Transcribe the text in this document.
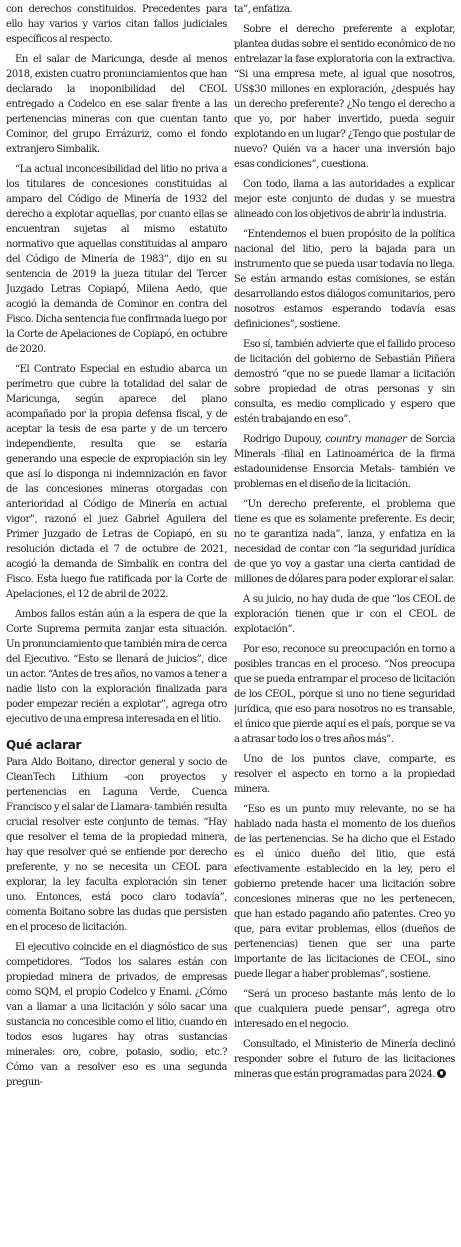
con derechos constituidos. Precedentes para ello hay varios y varios citan fallos judiciales específicos al respecto.

En el salar de Maricunga, desde al menos 2018, existen cuatro pronunciamientos que han declarado la inoponibilidad del CEOL entregado a Codelco en ese salar frente a las pertenencias mineras con que cuentan tanto Cominor, del grupo Errázuriz, como el fondo extranjero Simbalik.

“La actual inconcesibilidad del litio no priva a los titulares de concesiones constituidas al amparo del Código de Minería de 1932 del derecho a explotar aquellas, por cuanto ellas se encuentran sujetas al mismo estatuto normativo que aquellas constituidas al amparo del Código de Minería de 1983”, dijo en su sentencia de 2019 la jueza titular del Tercer Juzgado Letras Copiapó, Milena Aedo, que acogió la demanda de Cominor en contra del Fisco. Dicha sentencia fue confirmada luego por la Corte de Apelaciones de Copiapó, en octubre de 2020.

“El Contrato Especial en estudio abarca un perímetro que cubre la totalidad del salar de Maricunga, según aparece del plano acompañado por la propia defensa fiscal, y de aceptar la tesis de esa parte y de un tercero independiente, resulta que se estaría generando una especie de expropiación sin ley que así lo disponga ni indemnización en favor de las concesiones mineras otorgadas con anterioridad al Código de Minería en actual vigor”, razonó el juez Gabriel Aguilera del Primer Juzgado de Letras de Copiapó, en su resolución dictada el 7 de octubre de 2021, acogió la demanda de Simbalik en contra del Fisco. Esta luego fue ratificada por la Corte de Apelaciones, el 12 de abril de 2022.

Ambos fallos están aún a la espera de que la Corte Suprema permita zanjar esta situación. Un pronunciamiento que también mira de cerca del Ejecutivo. “Esto se llenará de juicios”, dice un actor. “Antes de tres años, no vamos a tener a nadie listo con la exploración finalizada para poder empezar recién a explotar”, agrega otro ejecutivo de una empresa interesada en el litio.

Qué aclarar

Para Aldo Boitano, director general y socio de CleanTech Lithium -con proyectos y pertenencias en Laguna Verde, Cuenca Francisco y el salar de Llamara- también resulta crucial resolver este conjunto de temas. “Hay que resolver el tema de la propiedad minera, hay que resolver qué se entiende por derecho preferente, y no se necesita un CEOL para explorar, la ley faculta exploración sin tener uno. Entonces, está poco claro todavía”, comenta Boitano sobre las dudas que persisten en el proceso de licitación.

El ejecutivo coincide en el diagnóstico de sus competidores. “Todos los salares están con propiedad minera de privados, de empresas como SQM, el propio Codelco y Enami. ¿Cómo van a llamar a una licitación y sólo sacar una sustancia no concesible como el litio, cuando en todos esos lugares hay otras sustancias minerales: oro, cobre, potasio, sodio, etc.? Cómo van a resolver eso es una segunda pregun-

ta”, enfatiza.

Sobre el derecho preferente a explotar, plantea dudas sobre el sentido económico de no entrelazar la fase exploratoria con la extractiva. “Si una empresa mete, al igual que nosotros, US$30 millones en exploración, ¿después hay un derecho preferente? ¿No tengo el derecho a que yo, por haber invertido, pueda seguir explotando en un lugar? ¿Tengo que postular de nuevo? Quién va a hacer una inversión bajo esas condiciones”, cuestiona.

Con todo, llama a las autoridades a explicar mejor este conjunto de dudas y se muestra alineado con los objetivos de abrir la industria.

“Entendemos el buen propósito de la política nacional del litio, pero la bajada para un instrumento que se pueda usar todavía no llega. Se están armando estas comisiones, se están desarrollando estos diálogos comunitarios, pero nosotros estamos esperando todavía esas definiciones”, sostiene.

Eso sí, también advierte que el fallido proceso de licitación del gobierno de Sebastián Piñera demostró “que no se puede llamar a licitación sobre propiedad de otras personas y sin consulta, es medio complicado y espero que estén trabajando en eso”.

Rodrigo Dupouy, country manager de Sorcia Minerals -filial en Latinoamérica de la firma estadounidense Ensorcia Metals- también ve problemas en el diseño de la licitación.

“Un derecho preferente, el problema que tiene es que es solamente preferente. Es decir, no te garantiza nada”, lanza, y enfatiza en la necesidad de contar con “la seguridad jurídica de que yo voy a gastar una cierta cantidad de millones de dólares para poder explorar el salar.

A su juicio, no hay duda de que “los CEOL de exploración tienen que ir con el CEOL de explotación”.

Por eso, reconoce su preocupación en torno a posibles trancas en el proceso. “Nos preocupa que se pueda entrampar el proceso de licitación de los CEOL, porque si uno no tiene seguridad jurídica, que eso para nosotros no es transable, el único que pierde aquí es el país, porque se va a atrasar todo los o tres años más”.

Uno de los puntos clave, comparte, es resolver el aspecto en torno a la propiedad minera.

“Eso es un punto muy relevante, no se ha hablado nada hasta el momento de los dueños de las pertenencias. Se ha dicho que el Estado es el único dueño del litio, que está efectivamente establecido en la ley, pero el gobierno pretende hacer una licitación sobre concesiones mineras que no les pertenecen, que han estado pagando año patentes. Creo yo que, para evitar problemas, ellos (dueños de pertenencias) tienen que ser una parte importante de las licitaciones de CEOL, sino puede llegar a haber problemas”, sostiene.

“Será un proceso bastante más lento de lo que cualquiera puede pensar”, agrega otro interesado en el negocio.

Consultado, el Ministerio de Minería declinó responder sobre el futuro de las licitaciones mineras que están programadas para 2024.
